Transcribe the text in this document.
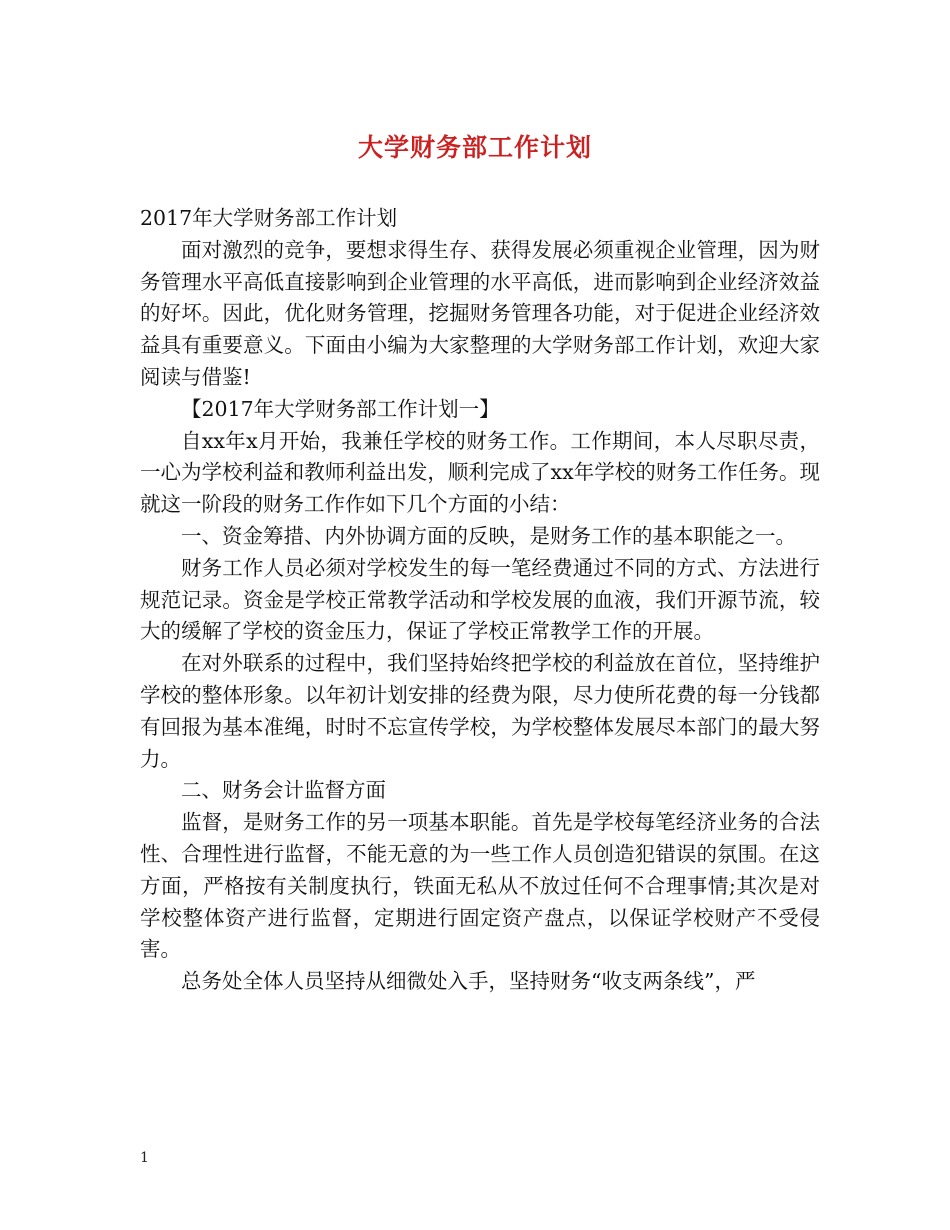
大学财务部工作计划

2017年大学财务部工作计划

面对激烈的竞争，要想求得生存、获得发展必须重视企业管理，因为财务管理水平高低直接影响到企业管理的水平高低，进而影响到企业经济效益的好坏。因此，优化财务管理，挖掘财务管理各功能，对于促进企业经济效益具有重要意义。下面由小编为大家整理的大学财务部工作计划，欢迎大家阅读与借鉴!

【2017年大学财务部工作计划一】

自xx年x月开始，我兼任学校的财务工作。工作期间，本人尽职尽责，一心为学校利益和教师利益出发，顺利完成了xx年学校的财务工作任务。现就这一阶段的财务工作作如下几个方面的小结：

一、资金筹措、内外协调方面的反映，是财务工作的基本职能之一。

财务工作人员必须对学校发生的每一笔经费通过不同的方式、方法进行规范记录。资金是学校正常教学活动和学校发展的血液，我们开源节流，较大的缓解了学校的资金压力，保证了学校正常教学工作的开展。

在对外联系的过程中，我们坚持始终把学校的利益放在首位，坚持维护学校的整体形象。以年初计划安排的经费为限，尽力使所花费的每一分钱都有回报为基本准绳，时时不忘宣传学校，为学校整体发展尽本部门的最大努力。

二、财务会计监督方面

监督，是财务工作的另一项基本职能。首先是学校每笔经济业务的合法性、合理性进行监督，不能无意的为一些工作人员创造犯错误的氛围。在这方面，严格按有关制度执行，铁面无私从不放过任何不合理事情;其次是对学校整体资产进行监督，定期进行固定资产盘点，以保证学校财产不受侵害。

总务处全体人员坚持从细微处入手，坚持财务“收支两条线”，严

1
